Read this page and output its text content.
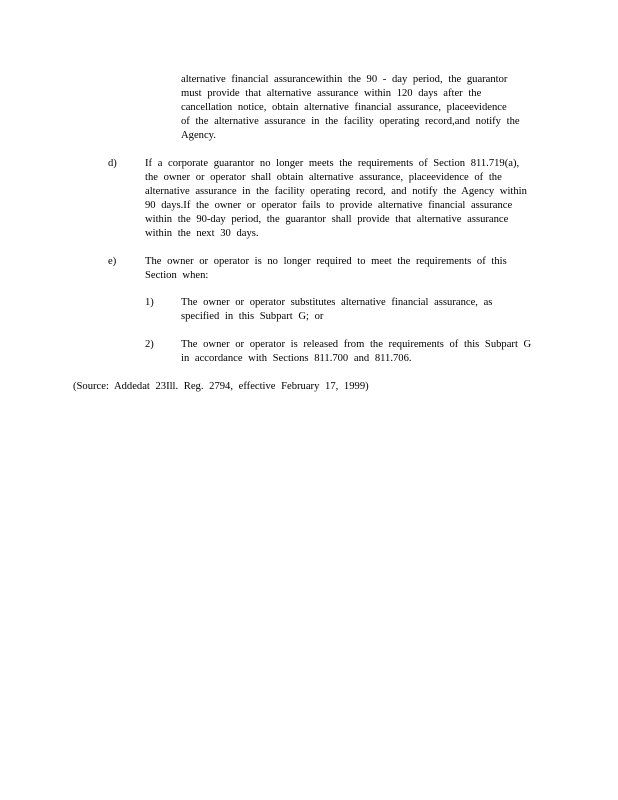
alternative financial assurancewithin the 90 - day period, the guarantor
must provide that alternative assurance within 120 days after the
cancellation notice, obtain alternative financial assurance, placeevidence
of the alternative assurance in the facility operating record,and notify the
Agency.
d)	If a corporate guarantor no longer meets the requirements of Section 811.719(a),
the owner or operator shall obtain alternative assurance, placeevidence of the
alternative assurance in the facility operating record, and notify the Agency within
90 days.If the owner or operator fails to provide alternative financial assurance
within the 90-day period, the guarantor shall provide that alternative assurance
within the next 30 days.
e)	The owner or operator is no longer required to meet the requirements of this
Section when:
1)	The owner or operator substitutes alternative financial assurance, as
specified in this Subpart G; or
2)	The owner or operator is released from the requirements of this Subpart G
in accordance with Sections 811.700 and 811.706.
(Source: Addedat 23Ill. Reg. 2794, effective February 17, 1999)
